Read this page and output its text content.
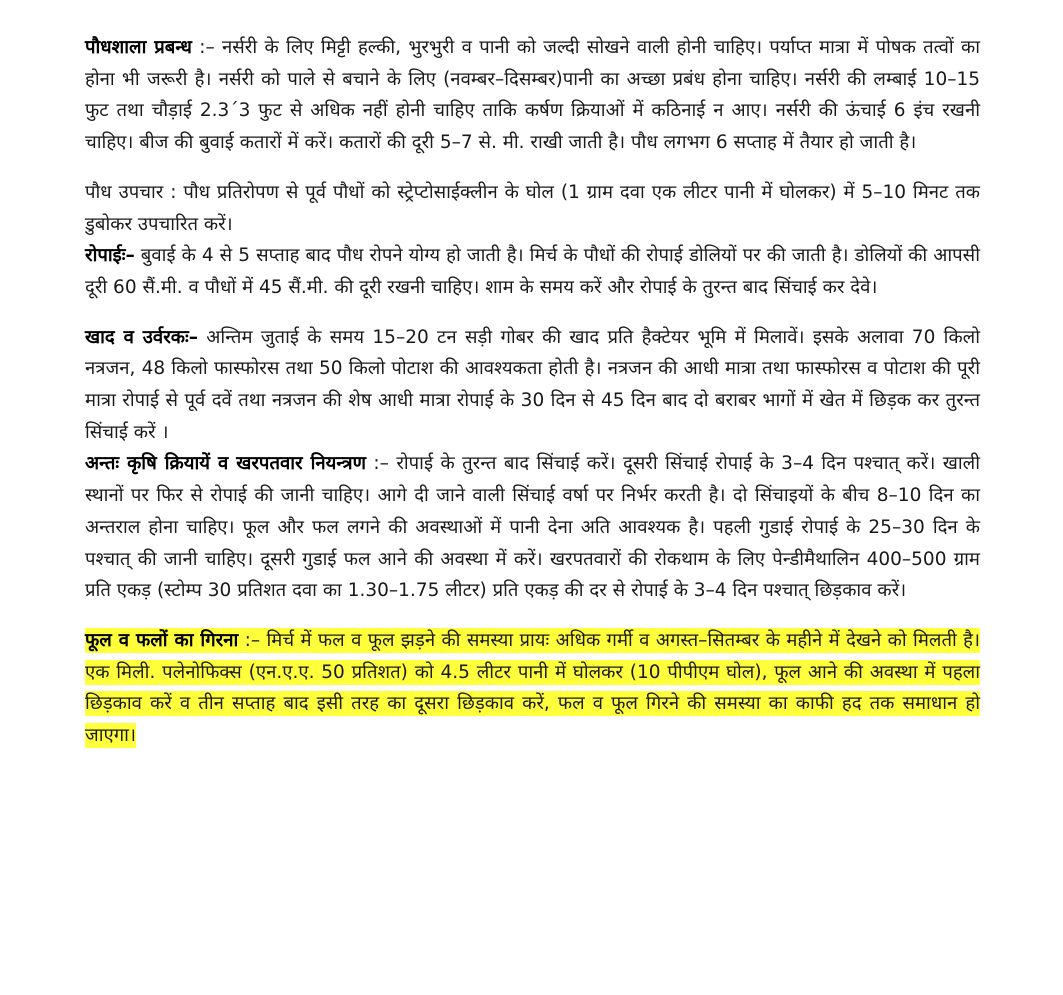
पौधशाला प्रबन्ध :– नर्सरी के लिए मिट्टी हल्की, भुरभुरी व पानी को जल्दी सोखने वाली होनी चाहिए। पर्याप्त मात्रा में पोषक तत्वों का होना भी जरूरी है। नर्सरी को पाले से बचाने के लिए (नवम्बर–दिसम्बर)पानी का अच्छा प्रबंध होना चाहिए। नर्सरी की लम्बाई 10–15 फुट तथा चौड़ाई 2.3´3 फुट से अधिक नहीं होनी चाहिए ताकि कर्षण क्रियाओं में कठिनाई न आए। नर्सरी की ऊंचाई 6 इंच रखनी चाहिए। बीज की बुवाई कतारों में करें। कतारों की दूरी 5–7 से. मी. राखी जाती है। पौध लगभग 6 सप्ताह में तैयार हो जाती है।

पौध उपचार : पौध प्रतिरोपण से पूर्व पौधों को स्ट्रेप्टोसाईक्लीन के घोल (1 ग्राम दवा एक लीटर पानी में घोलकर) में 5–10 मिनट तक डुबोकर उपचारित करें।

रोपाईः– बुवाई के 4 से 5 सप्ताह बाद पौध रोपने योग्य हो जाती है। मिर्च के पौधों की रोपाई डोलियों पर की जाती है। डोलियों की आपसी दूरी 60 सैं.मी. व पौधों में 45 सैं.मी. की दूरी रखनी चाहिए। शाम के समय करें और रोपाई के तुरन्त बाद सिंचाई कर देवे।

खाद व उर्वरकः– अन्तिम जुताई के समय 15–20 टन सड़ी गोबर की खाद प्रति हैक्टेयर भूमि में मिलावें। इसके अलावा 70 किलो नत्रजन, 48 किलो फास्फोरस तथा 50 किलो पोटाश की आवश्यकता होती है। नत्रजन की आधी मात्रा तथा फास्फोरस व पोटाश की पूरी मात्रा रोपाई से पूर्व दवें तथा नत्रजन की शेष आधी मात्रा रोपाई के 30 दिन से 45 दिन बाद दो बराबर भागों में खेत में छिड़क कर तुरन्त सिंचाई करें ।

अन्तः कृषि क्रियायें व खरपतवार नियन्त्रण :– रोपाई के तुरन्त बाद सिंचाई करें। दूसरी सिंचाई रोपाई के 3–4 दिन पश्चात् करें। खाली स्थानों पर फिर से रोपाई की जानी चाहिए। आगे दी जाने वाली सिंचाई वर्षा पर निर्भर करती है। दो सिंचाइयों के बीच 8–10 दिन का अन्तराल होना चाहिए। फूल और फल लगने की अवस्थाओं में पानी देना अति आवश्यक है। पहली गुडाई रोपाई के 25–30 दिन के पश्चात् की जानी चाहिए। दूसरी गुडाई फल आने की अवस्था में करें। खरपतवारों की रोकथाम के लिए पेन्डीमैथालिन 400–500 ग्राम प्रति एकड़ (स्टोम्प 30 प्रतिशत दवा का 1.30–1.75 लीटर) प्रति एकड़ की दर से रोपाई के 3–4 दिन पश्चात् छिड़काव करें।

फूल व फलों का गिरना :– मिर्च में फल व फूल झड़ने की समस्या प्रायः अधिक गर्मी व अगस्त–सितम्बर के महीने में देखने को मिलती है। एक मिली. पलेनोफिक्स (एन.ए.ए. 50 प्रतिशत) को 4.5 लीटर पानी में घोलकर (10 पीपीएम घोल), फूल आने की अवस्था में पहला छिड़काव करें व तीन सप्ताह बाद इसी तरह का दूसरा छिड़काव करें, फल व फूल गिरने की समस्या का काफी हद तक समाधान हो जाएगा।
